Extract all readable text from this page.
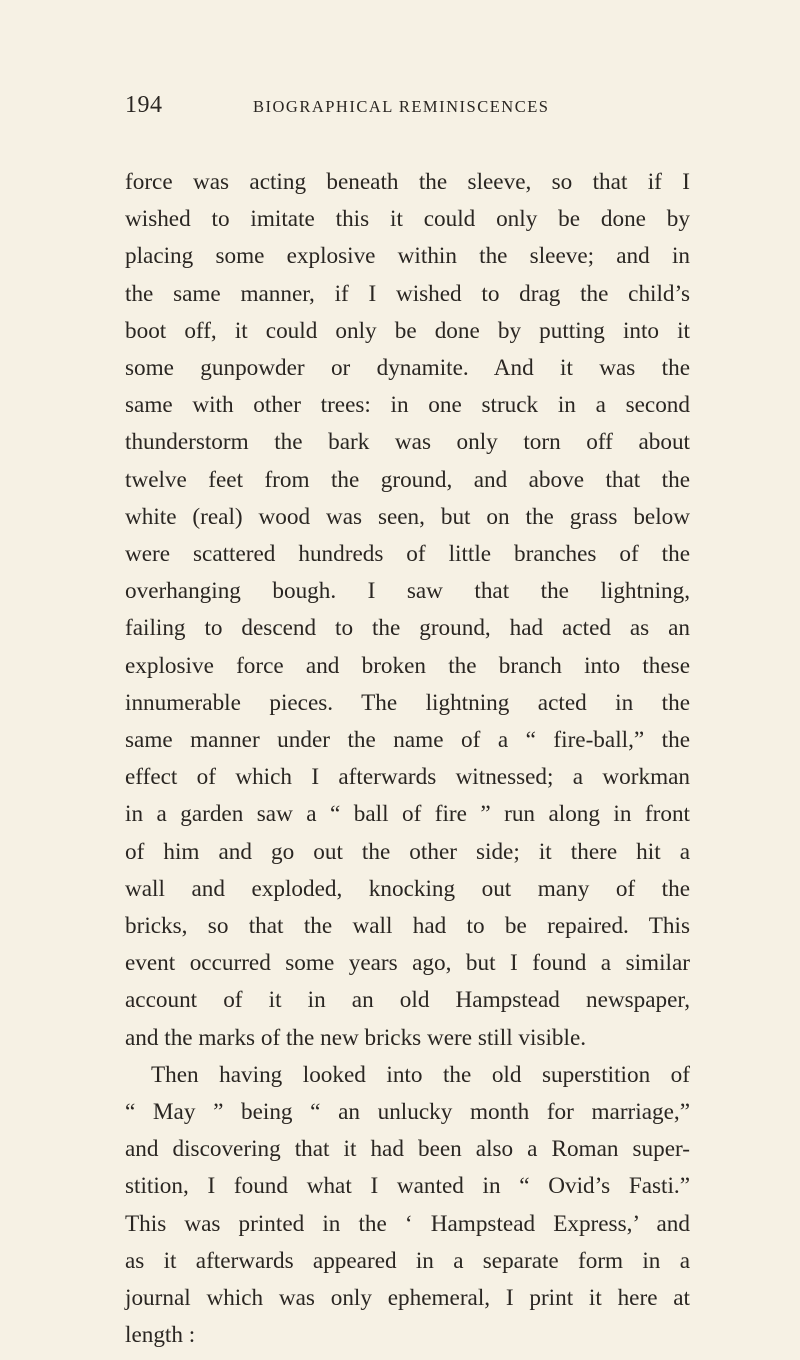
194	BIOGRAPHICAL REMINISCENCES
force was acting beneath the sleeve, so that if I
wished to imitate this it could only be done by
placing some explosive within the sleeve; and in
the same manner, if I wished to drag the child’s
boot off, it could only be done by putting into it
some gunpowder or dynamite. And it was the
same with other trees: in one struck in a second
thunderstorm the bark was only torn off about
twelve feet from the ground, and above that the
white (real) wood was seen, but on the grass below
were scattered hundreds of little branches of the
overhanging bough. I saw that the lightning,
failing to descend to the ground, had acted as an
explosive force and broken the branch into these
innumerable pieces. The lightning acted in the
same manner under the name of a “ fire-ball,” the
effect of which I afterwards witnessed; a workman
in a garden saw a “ ball of fire ” run along in front
of him and go out the other side; it there hit a
wall and exploded, knocking out many of the
bricks, so that the wall had to be repaired. This
event occurred some years ago, but I found a similar
account of it in an old Hampstead newspaper,
and the marks of the new bricks were still visible.
Then having looked into the old superstition of
“ May ” being “ an unlucky month for marriage,”
and discovering that it had been also a Roman super-
stition, I found what I wanted in “ Ovid’s Fasti.”
This was printed in the ‘ Hampstead Express,’ and
as it afterwards appeared in a separate form in a
journal which was only ephemeral, I print it here at
length :
